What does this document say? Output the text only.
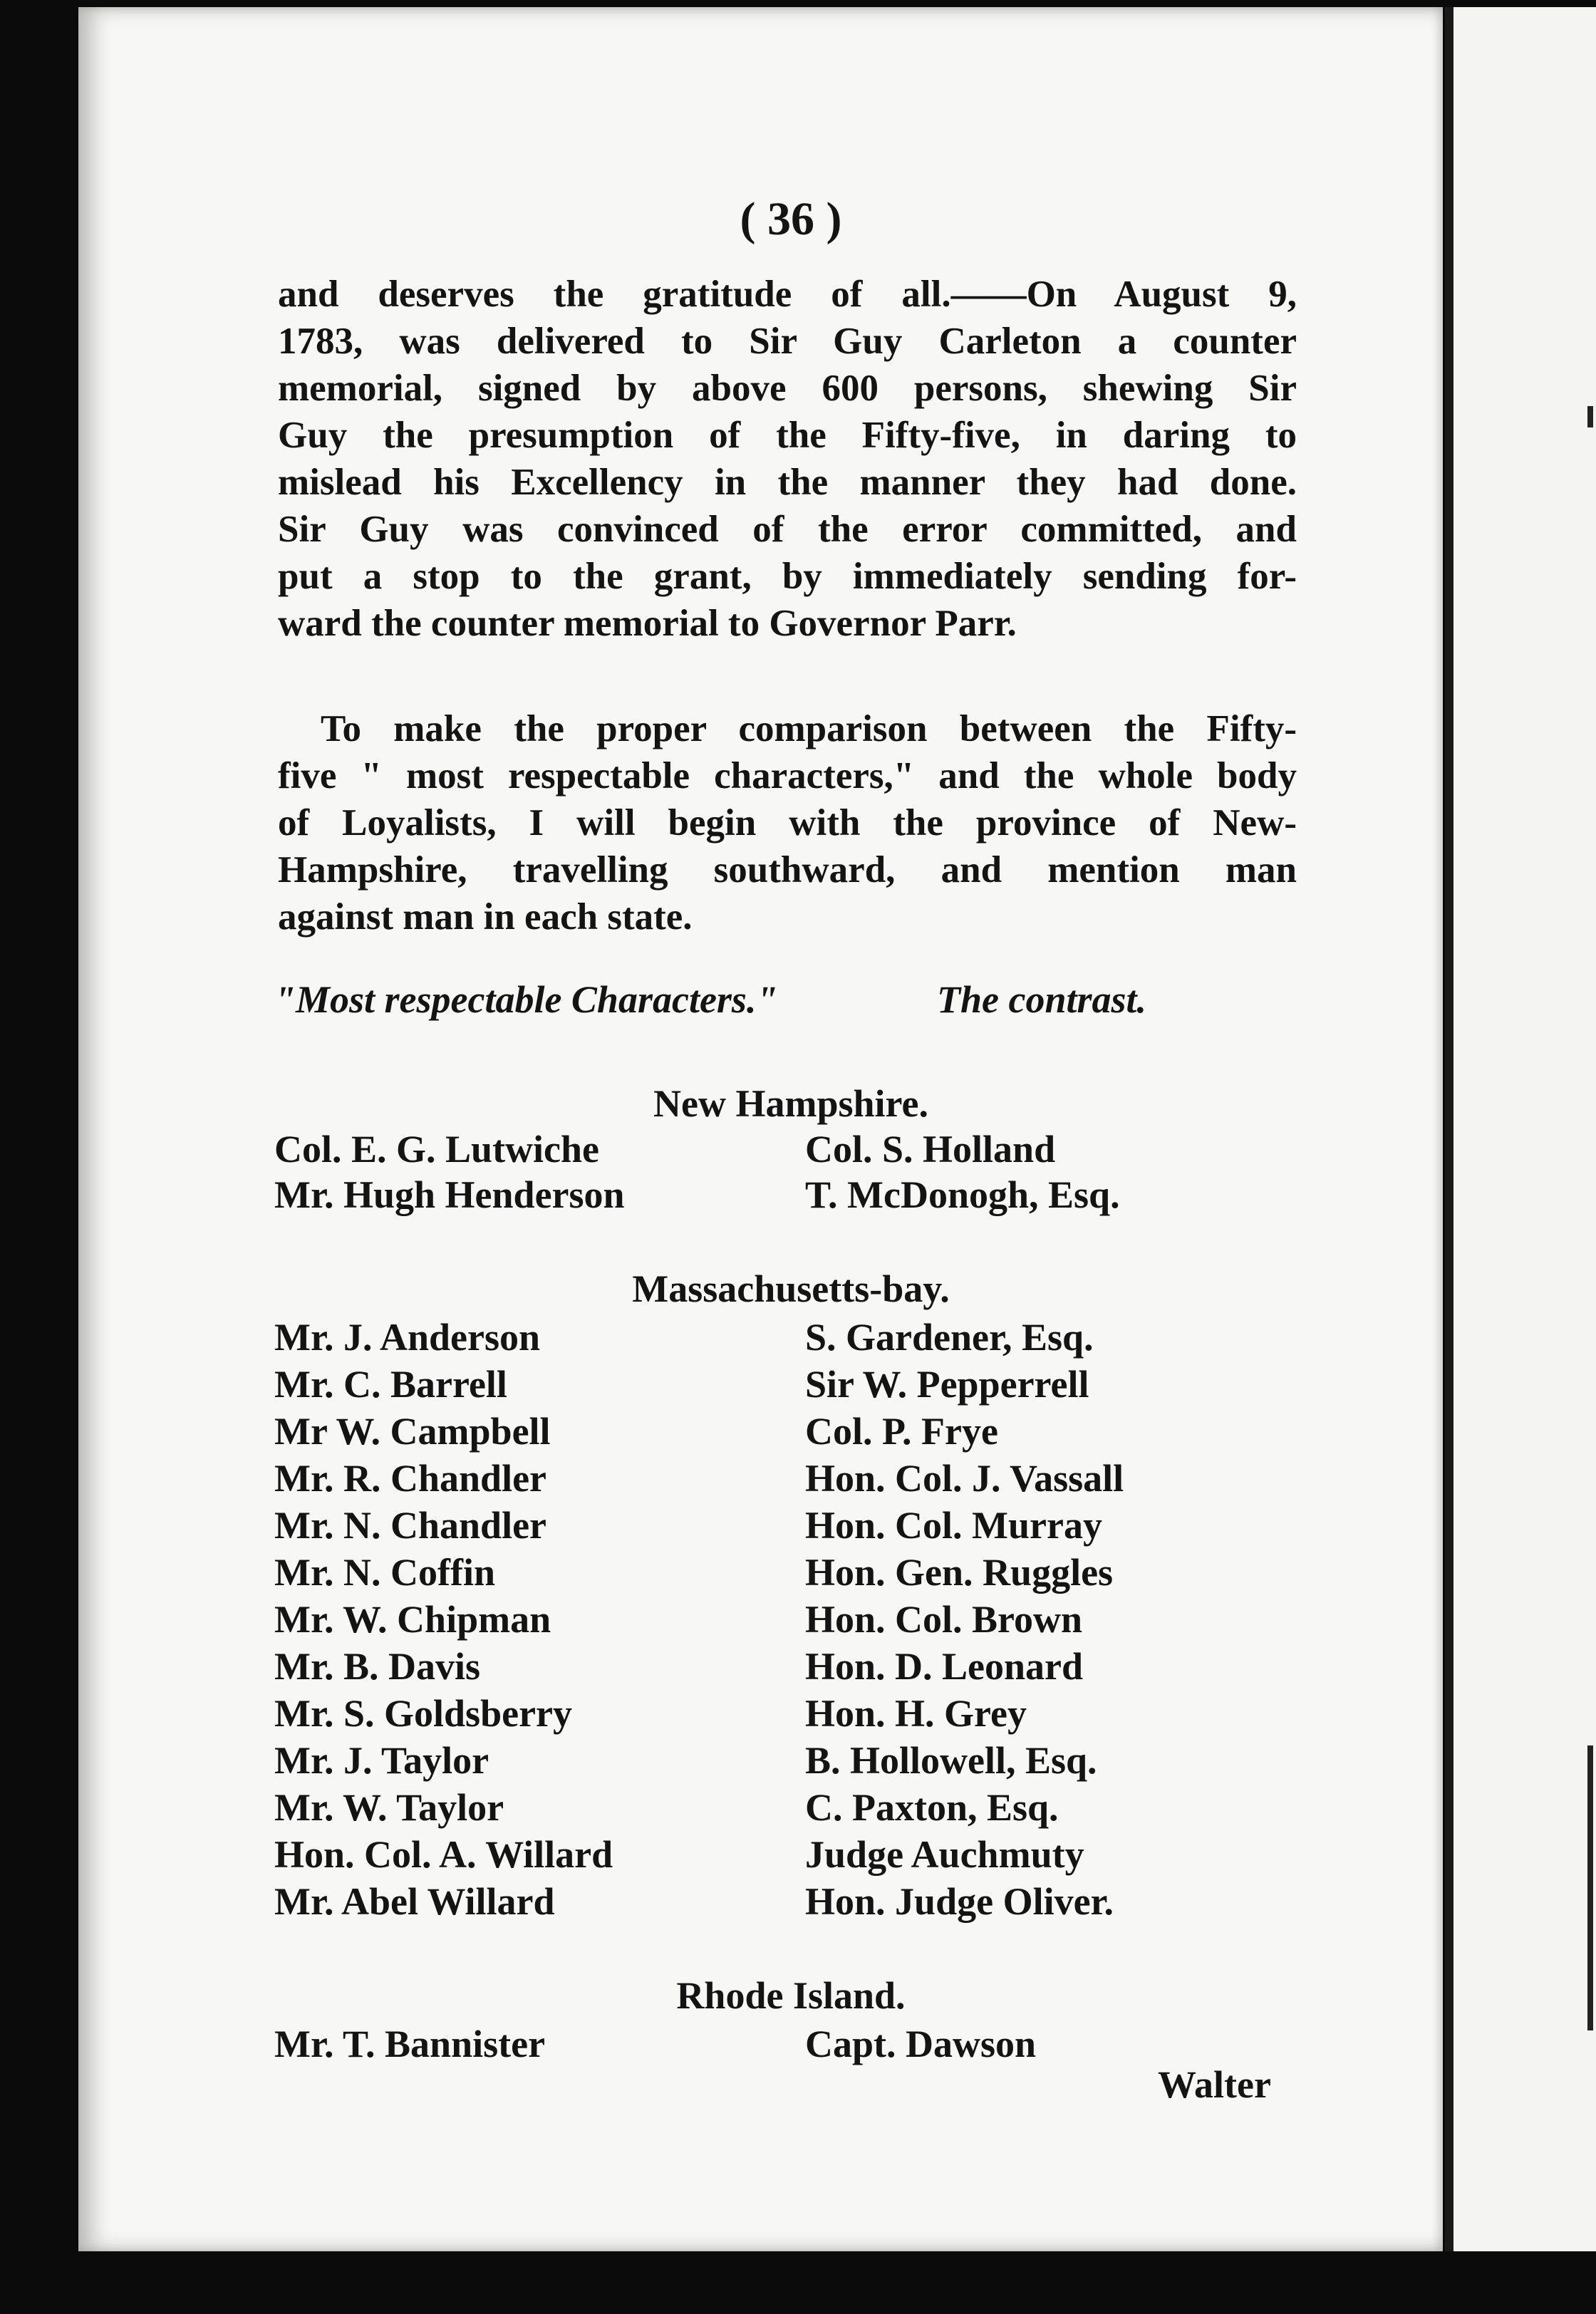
( 36 )

and deserves the gratitude of all.——On August 9,
1783, was delivered to Sir Guy Carleton a counter
memorial, signed by above 600 persons, shewing Sir
Guy the presumption of the Fifty-five, in daring to
mislead his Excellency in the manner they had done.
Sir Guy was convinced of the error committed, and
put a stop to the grant, by immediately sending for-
ward the counter memorial to Governor Parr.

To make the proper comparison between the Fifty-
five " most respectable characters," and the whole body
of Loyalists, I will begin with the province of New-
Hampshire, travelling southward, and mention man
against man in each state.

"Most respectable Characters."	The contrast.
New Hampshire.
Col. E. G. Lutwiche	Col. S. Holland
Mr. Hugh Henderson	T. McDonogh, Esq.
Massachusetts-bay.
Mr. J. Anderson	S. Gardener, Esq.
Mr. C. Barrell	Sir W. Pepperrell
Mr W. Campbell	Col. P. Frye
Mr. R. Chandler	Hon. Col. J. Vassall
Mr. N. Chandler	Hon. Col. Murray
Mr. N. Coffin	Hon. Gen. Ruggles
Mr. W. Chipman	Hon. Col. Brown
Mr. B. Davis	Hon. D. Leonard
Mr. S. Goldsberry	Hon. H. Grey
Mr. J. Taylor	B. Hollowell, Esq.
Mr. W. Taylor	C. Paxton, Esq.
Hon. Col. A. Willard	Judge Auchmuty
Mr. Abel Willard	Hon. Judge Oliver.
Rhode Island.
Mr. T. Bannister	Capt. Dawson
Walter
